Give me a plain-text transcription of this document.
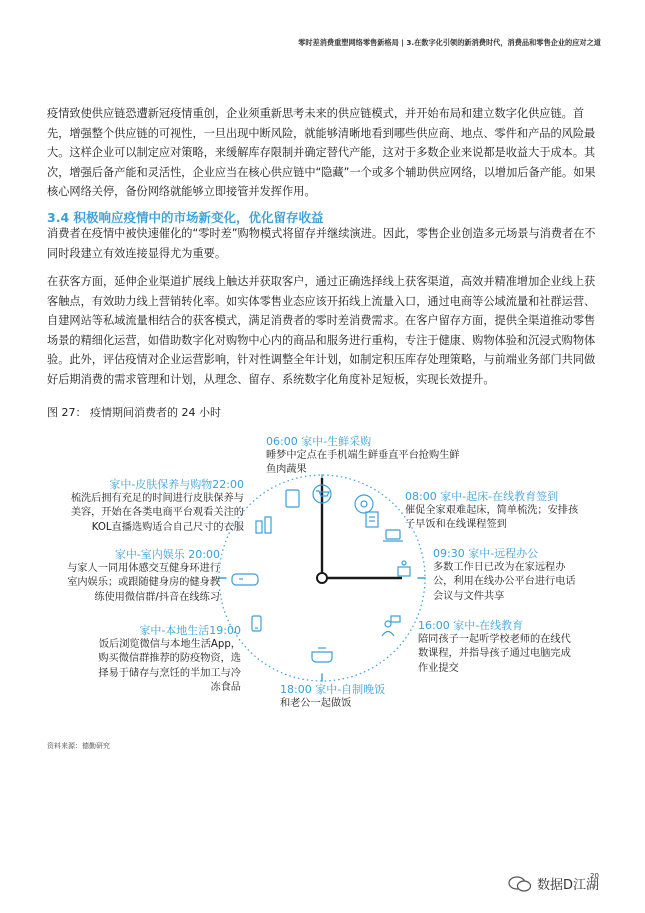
零时差消费重塑网络零售新格局 | 3.在数字化引领的新消费时代，消费品和零售企业的应对之道

疫情致使供应链恐遭新冠疫情重创，企业须重新思考未来的供应链模式，并开始布局和建立数字化供应链。首先，增强整个供应链的可视性，一旦出现中断风险，就能够清晰地看到哪些供应商、地点、零件和产品的风险最大。这样企业可以制定应对策略，来缓解库存限制并确定替代产能，这对于多数企业来说都是收益大于成本。其次，增强后备产能和灵活性，企业应当在核心供应链中“隐藏”一个或多个辅助供应网络，以增加后备产能。如果核心网络关停，备份网络就能够立即接管并发挥作用。

3.4 积极响应疫情中的市场新变化，优化留存收益

消费者在疫情中被快速催化的“零时差”购物模式将留存并继续演进。因此，零售企业创造多元场景与消费者在不同时段建立有效连接显得尤为重要。

在获客方面，延伸企业渠道扩展线上触达并获取客户，通过正确选择线上获客渠道，高效并精准增加企业线上获客触点，有效助力线上营销转化率。如实体零售业态应该开拓线上流量入口，通过电商等公域流量和社群运营、自建网站等私域流量相结合的获客模式，满足消费者的零时差消费需求。在客户留存方面，提供全渠道推动零售场景的精细化运营，如借助数字化对购物中心内的商品和服务进行重构，专注于健康、购物体验和沉浸式购物体验。此外，评估疫情对企业运营影响，针对性调整全年计划，如制定积压库存处理策略，与前端业务部门共同做好后期消费的需求管理和计划，从理念、留存、系统数字化角度补足短板，实现长效提升。

图 27： 疫情期间消费者的 24 小时
06:00 家中-生鲜采购
睡梦中定点在手机端生鲜垂直平台抢购生鲜鱼肉蔬果
08:00 家中-起床-在线教育签到
催促全家艰难起床，简单梳洗；安排孩子早饭和在线课程签到
09:30 家中-远程办公
多数工作日已改为在家远程办公，利用在线办公平台进行电话会议与文件共享
16:00 家中-在线教育
陪同孩子一起听学校老师的在线代数课程，并指导孩子通过电脑完成作业提交
18:00 家中-自制晚饭
和老公一起做饭
家中-本地生活19:00
饭后浏览微信与本地生活App，购买微信群推荐的防疫物资，选择易于储存与烹饪的半加工与冷冻食品
家中-室内娱乐 20:00
与家人一同用体感交互健身环进行室内娱乐；或跟随健身房的健身教练使用微信群/抖音在线练习
家中-皮肤保养与购物22:00
梳洗后拥有充足的时间进行皮肤保养与美容，开始在各类电商平台观看关注的KOL直播选购适合自己尺寸的衣服
资料来源：德勤研究
数据D江湖
20
